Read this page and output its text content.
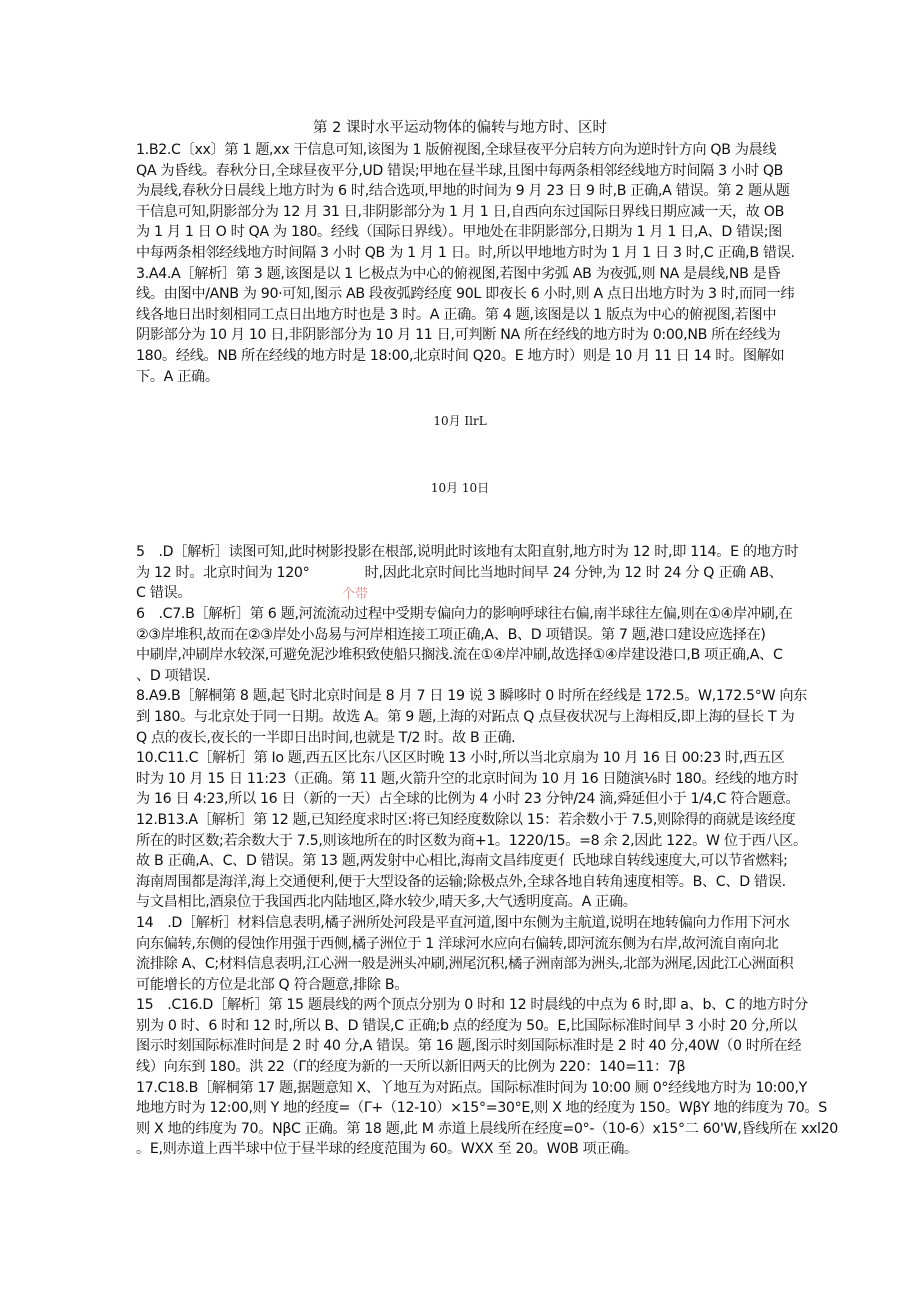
第 2 课时水平运动物体的偏转与地方时、区时
1.B2.C〔xx〕第 1 题,xx 干信息可知,该图为 1 版俯视图,全球昼夜平分启转方向为逆时针方向 QB 为晨线
QA 为昏线。春秋分日,全球昼夜平分,UD 错误;甲地在昼半球,且图中每两条相邻经线地方时间隔 3 小时 QB
为晨线,春秋分日晨线上地方时为 6 时,结合选项,甲地的时间为 9 月 23 日 9 时,B 正确,A 错误。第 2 题从题
干信息可知,阴影部分为 12 月 31 日,非阴影部分为 1 月 1 日,自西向东过国际日界线日期应减一天，故 OB
为 1 月 1 日 O 时 QA 为 180。经线（国际日界线）。甲地处在非阴影部分,日期为 1 月 1 日,A、D 错误;图
中每两条相邻经线地方时间隔 3 小时 QB 为 1 月 1 日。时,所以甲地地方时为 1 月 1 日 3 时,C 正确,B 错误.
3.A4.A［解析］第 3 题,该图是以 1 匕极点为中心的俯视图,若图中劣弧 AB 为夜弧,则 NA 是晨线,NB 是昏
线。由图中/ANB 为 90·可知,图示 AB 段夜弧跨经度 90L 即夜长 6 小时,则 A 点日出地方时为 3 时,而同一纬
线各地日出时刻相同工点日出地方时也是 3 时。A 正确。第 4 题,该图是以 1 版点为中心的俯视图,若图中
阴影部分为 10 月 10 日,非阴影部分为 10 月 11 日,可判断 NA 所在经线的地方时为 0:00,NB 所在经线为
180。经线。NB 所在经线的地方时是 18:00,北京时间 Q20。E 地方时）则是 10 月 11 日 14 时。图解如
下。A 正确。
10月 IlrL
10月 10日
5　.D［解析］读图可知,此时树影投影在根部,说明此时该地有太阳直射,地方时为 12 时,即 114。E 的地方时
为 12 时。北京时间为 120°　　　　时,因此北京时间比当地时间早 24 分钟,为 12 时 24 分 Q 正确 AB、
C 错误。	个带
6　.C7.B［解析］第 6 题,河流流动过程中受期专偏向力的影响呼球往右偏,南半球往左偏,则在①④岸冲刷,在
②③岸堆积,故而在②③岸处小岛易与河岸相连接工项正确,A、B、D 项错误。第 7 题,港口建设应选择在)
中刷岸,冲刷岸水较深,可避免泥沙堆积致使船只搁浅.流在①④岸冲刷,故选择①④岸建设港口,B 项正确,A、C
、D 项错误.
8.A9.B［解桐第 8 题,起飞时北京时间是 8 月 7 日 19 说 3 瞬哆时 0 时所在经线是 172.5。W,172.5°W 向东
到 180。与北京处于同一日期。故选 A。第 9 题,上海的对跖点 Q 点昼夜状况与上海相反,即上海的昼长 T 为
Q 点的夜长,夜长的一半即日出时间,也就是 T/2 时。故 B 正确.
10.C11.C［解析］第 Io 题,西五区比东八区区时晚 13 小时,所以当北京扇为 10 月 16 日 00:23 时,西五区
时为 10 月 15 日 11:23（正确。第 11 题,火箭升空的北京时间为 10 月 16 日随演⅛时 180。经线的地方时
为 16 日 4:23,所以 16 日（新的一天）占全球的比例为 4 小时 23 分钟/24 滴,舜延但小于 1/4,C 符合题意。
12.B13.A［解析］第 12 题,已知经度求时区:将已知经度数除以 15：若余数小于 7.5,则除得的商就是该经度
所在的时区数;若余数大于 7.5,则该地所在的时区数为商+1。1220/15。=8 余 2,因此 122。W 位于西八区。
故 B 正确,A、C、D 错误。第 13 题,两发射中心相比,海南文昌纬度更亻氏地球自转线速度大,可以节省燃料;
海南周围都是海洋,海上交通便利,便于大型设备的运输;除极点外,全球各地自转角速度相等。B、C、D 错误.
与文昌相比,酒泉位于我国西北内陆地区,降水较少,晴天多,大气透明度高。A 正确。
14　.D［解析］材料信息表明,橘子洲所处河段是平直河道,图中东侧为主航道,说明在地转偏向力作用下河水
向东偏转,东侧的侵蚀作用强于西侧,橘子洲位于 1 洋球河水应向右偏转,即河流东侧为右岸,故河流自南向北
流排除 A、C;材料信息表明,江心洲一般是洲头冲刷,洲尾沉积,橘子洲南部为洲头,北部为洲尾,因此江心洲面积
可能增长的方位是北部 Q 符合题意,排除 B。
15　.C16.D［解析］第 15 题晨线的两个顶点分别为 0 时和 12 时晨线的中点为 6 时,即 a、b、C 的地方时分
别为 0 时、6 时和 12 时,所以 B、D 错误,C 正确;b 点的经度为 50。E,比国际标准时间早 3 小时 20 分,所以
图示时刻国际标准时间是 2 时 40 分,A 错误。第 16 题,图示时刻国际标准时是 2 时 40 分,40W（0 时所在经
线）向东到 180。洪 22（Γ的经度为新的一天所以新旧两天的比例为 220：140=11：7β
17.C18.B［解桐第 17 题,据题意知 X、丫地互为对跖点。国际标准时间为 10:00 厕 0°经线地方时为 10:00,Y
地地方时为 12:00,则 Y 地的经度=（Γ+（12-10）×15°=30°E,则 X 地的经度为 150。WβY 地的纬度为 70。S
则 X 地的纬度为 70。NβC 正确。第 18 题,此 M 赤道上晨线所在经度=0°-（10-6）x15°二 60'W,昏线所在 xxl20
。E,则赤道上西半球中位于昼半球的经度范围为 60。WXX 至 20。W0B 项正确。
